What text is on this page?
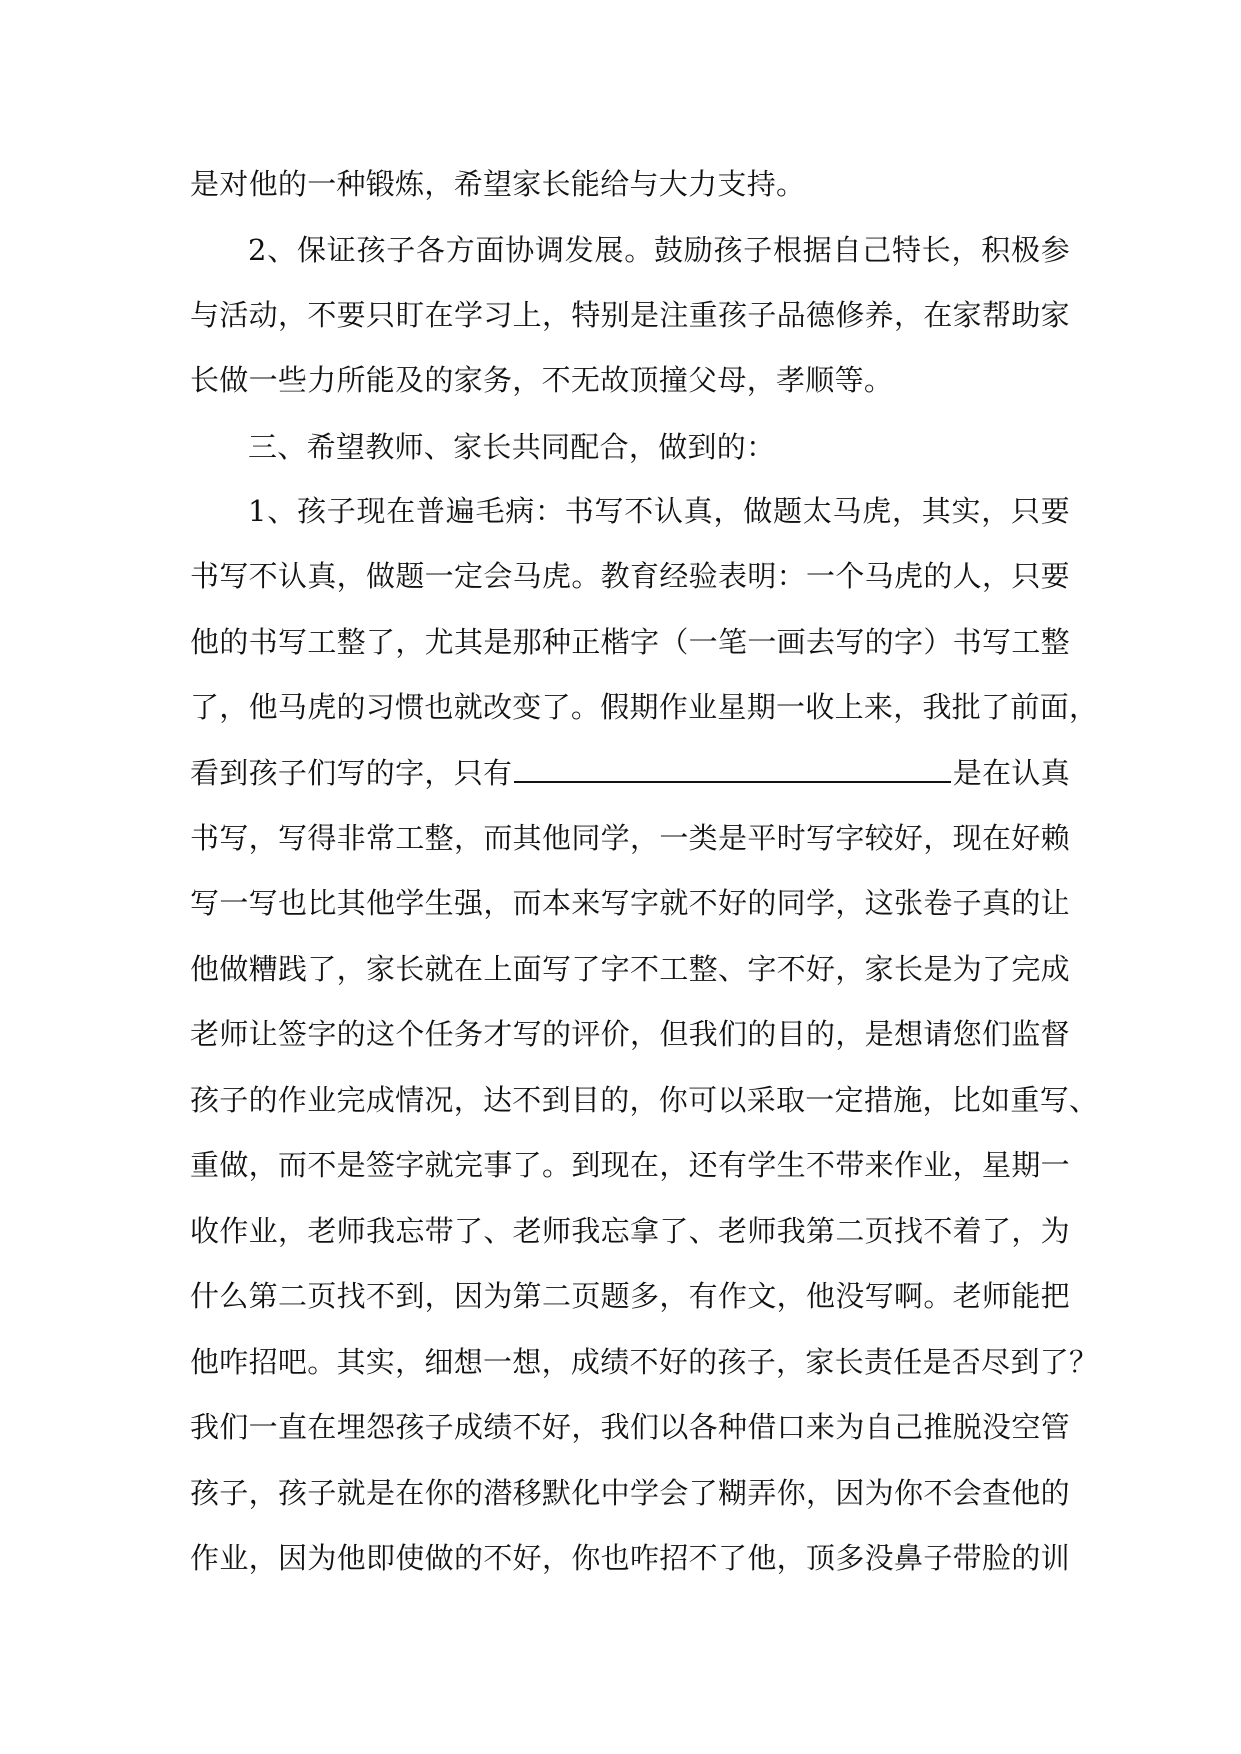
是对他的一种锻炼，希望家长能给与大力支持。
2、保证孩子各方面协调发展。鼓励孩子根据自己特长，积极参
与活动，不要只盯在学习上，特别是注重孩子品德修养，在家帮助家
长做一些力所能及的家务，不无故顶撞父母，孝顺等。
三、希望教师、家长共同配合，做到的：
1、孩子现在普遍毛病：书写不认真，做题太马虎，其实，只要
书写不认真，做题一定会马虎。教育经验表明：一个马虎的人，只要
他的书写工整了，尤其是那种正楷字（一笔一画去写的字）书写工整
了，他马虎的习惯也就改变了。假期作业星期一收上来，我批了前面，
看到孩子们写的字，只有	是在认真
书写，写得非常工整，而其他同学，一类是平时写字较好，现在好赖
写一写也比其他学生强，而本来写字就不好的同学，这张卷子真的让
他做糟践了，家长就在上面写了字不工整、字不好，家长是为了完成
老师让签字的这个任务才写的评价，但我们的目的，是想请您们监督
孩子的作业完成情况，达不到目的，你可以采取一定措施，比如重写、
重做，而不是签字就完事了。到现在，还有学生不带来作业，星期一
收作业，老师我忘带了、老师我忘拿了、老师我第二页找不着了，为
什么第二页找不到，因为第二页题多，有作文，他没写啊。老师能把
他咋招吧。其实，细想一想，成绩不好的孩子，家长责任是否尽到了？
我们一直在埋怨孩子成绩不好，我们以各种借口来为自己推脱没空管
孩子，孩子就是在你的潜移默化中学会了糊弄你，因为你不会查他的
作业，因为他即使做的不好，你也咋招不了他，顶多没鼻子带脸的训
